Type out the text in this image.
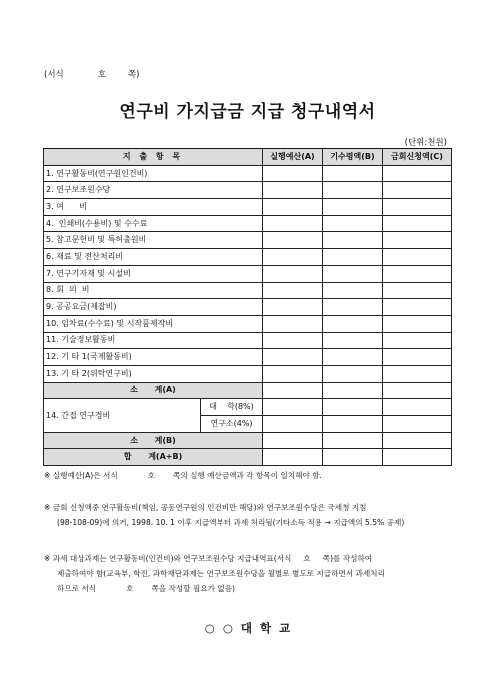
(서식	호	쪽)
연구비 가지급금 지급 청구내역서
(단위:천원)
지 출 항 목		실행예산(A)	기수령액(B)	금회신청액(C)	
1. 연구활동비(연구원인건비)					
2. 연구보조원수당					
3. 여      비					
4.  인쇄비(수용비) 및 수수료					
5. 참고문헌비 및 특허출원비					
6. 재료 및 전산처리비					
7. 연구기자재 및 시설비					
8. 회  의  비					
9. 공공요금(제잡비)					
10. 임차료(수수료) 및 시작품제작비					
11. 기술정보활동비					
12. 기 타 1(국제활동비)					
13. 기 타 2(위탁연구비)					
소      계(A)					
14. 간접 연구경비	대    학(8%)				
	연구소(4%)				
소      계(B)					
합      계(A+B)					
※ 실행예산(A)은 서식	호 쪽의 실행 예산금액과 각 항목이 일치해야 함.
※ 금회 신청액중 연구활동비(책임, 공동연구원의 인건비만 해당)와 연구보조원수당은 국세청 지침
(98-108-09)에 의거, 1998. 10. 1 이후 지급액부터 과세 처리됨(기타소득 적용 → 지급액의 5.5% 공제)
※ 과세 대상과제는 연구활동비(인건비)와 연구보조원수당 지급내역표(서식 호 쪽)를 작성하여
제출하여야 함(교육부, 학진, 과학재단과제는 연구보조원수당을 월별로 별도로 지급하면서 과세처리
하므로 서식	호 쪽을 작성할 필요가 없음)
○ ○ 대 학 교
